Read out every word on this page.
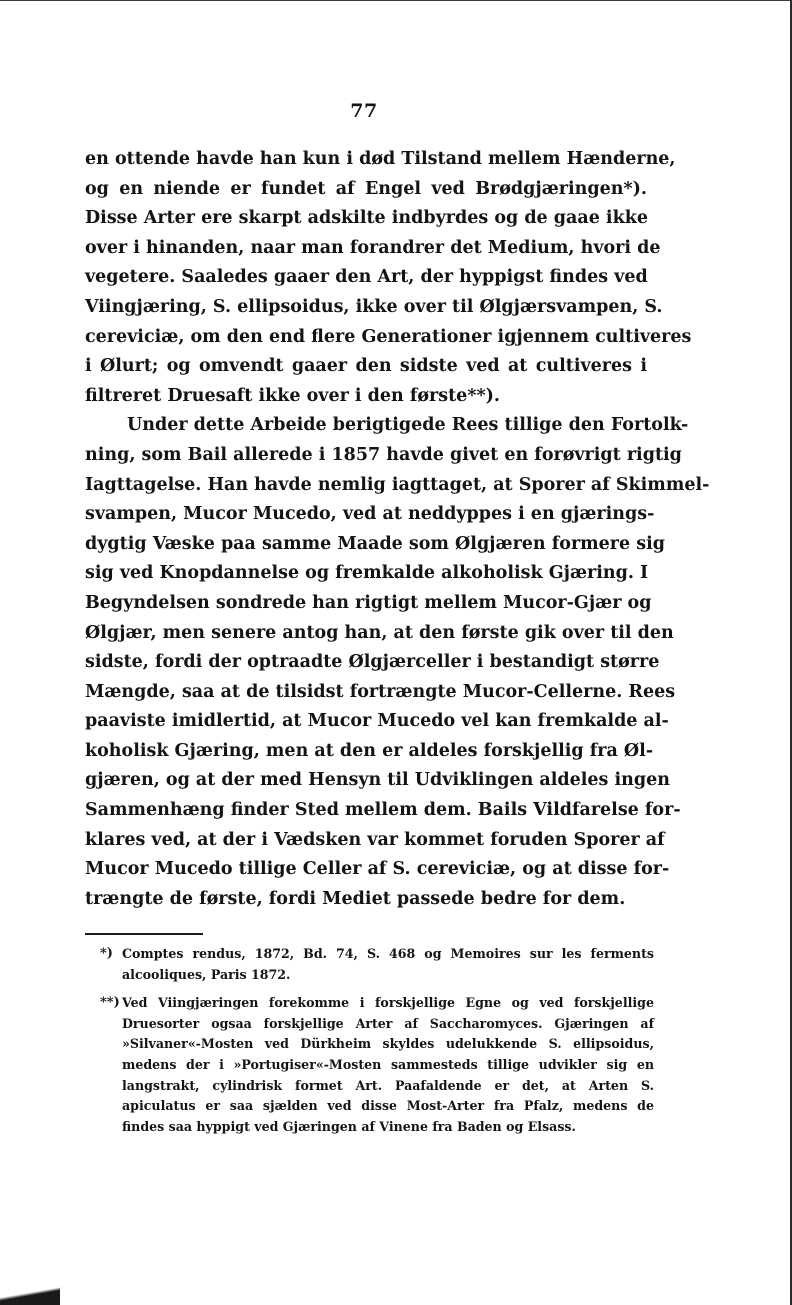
77
en ottende havde han kun i død Tilstand mellem Hænderne,
og en niende er fundet af Engel ved Brødgjæringen*).
Disse Arter ere skarpt adskilte indbyrdes og de gaae ikke
over i hinanden, naar man forandrer det Medium, hvori de
vegetere. Saaledes gaaer den Art, der hyppigst findes ved
Viingjæring, S. ellipsoidus, ikke over til Ølgjærsvampen, S.
cereviciæ, om den end flere Generationer igjennem cultiveres
i Ølurt; og omvendt gaaer den sidste ved at cultiveres i
filtreret Druesaft ikke over i den første**).
Under dette Arbeide berigtigede Rees tillige den Fortolk-
ning, som Bail allerede i 1857 havde givet en forøvrigt rigtig
Iagttagelse. Han havde nemlig iagttaget, at Sporer af Skimmel-
svampen, Mucor Mucedo, ved at neddyppes i en gjærings-
dygtig Væske paa samme Maade som Ølgjæren formere sig
sig ved Knopdannelse og fremkalde alkoholisk Gjæring. I
Begyndelsen sondrede han rigtigt mellem Mucor-Gjær og
Ølgjær, men senere antog han, at den første gik over til den
sidste, fordi der optraadte Ølgjærceller i bestandigt større
Mængde, saa at de tilsidst fortrængte Mucor-Cellerne. Rees
paaviste imidlertid, at Mucor Mucedo vel kan fremkalde al-
koholisk Gjæring, men at den er aldeles forskjellig fra Øl-
gjæren, og at der med Hensyn til Udviklingen aldeles ingen
Sammenhæng finder Sted mellem dem. Bails Vildfarelse for-
klares ved, at der i Vædsken var kommet foruden Sporer af
Mucor Mucedo tillige Celler af S. cereviciæ, og at disse for-
trængte de første, fordi Mediet passede bedre for dem.
*) Comptes rendus, 1872, Bd. 74, S. 468 og Memoires sur les ferments
alcooliques, Paris 1872.
**) Ved Viingjæringen forekomme i forskjellige Egne og ved forskjellige
Druesorter ogsaa forskjellige Arter af Saccharomyces. Gjæringen af
»Silvaner«-Mosten ved Dürkheim skyldes udelukkende S. ellipsoidus,
medens der i »Portugiser«-Mosten sammesteds tillige udvikler sig en
langstrakt, cylindrisk formet Art. Paafaldende er det, at Arten S.
apiculatus er saa sjælden ved disse Most-Arter fra Pfalz, medens de
findes saa hyppigt ved Gjæringen af Vinene fra Baden og Elsass.
